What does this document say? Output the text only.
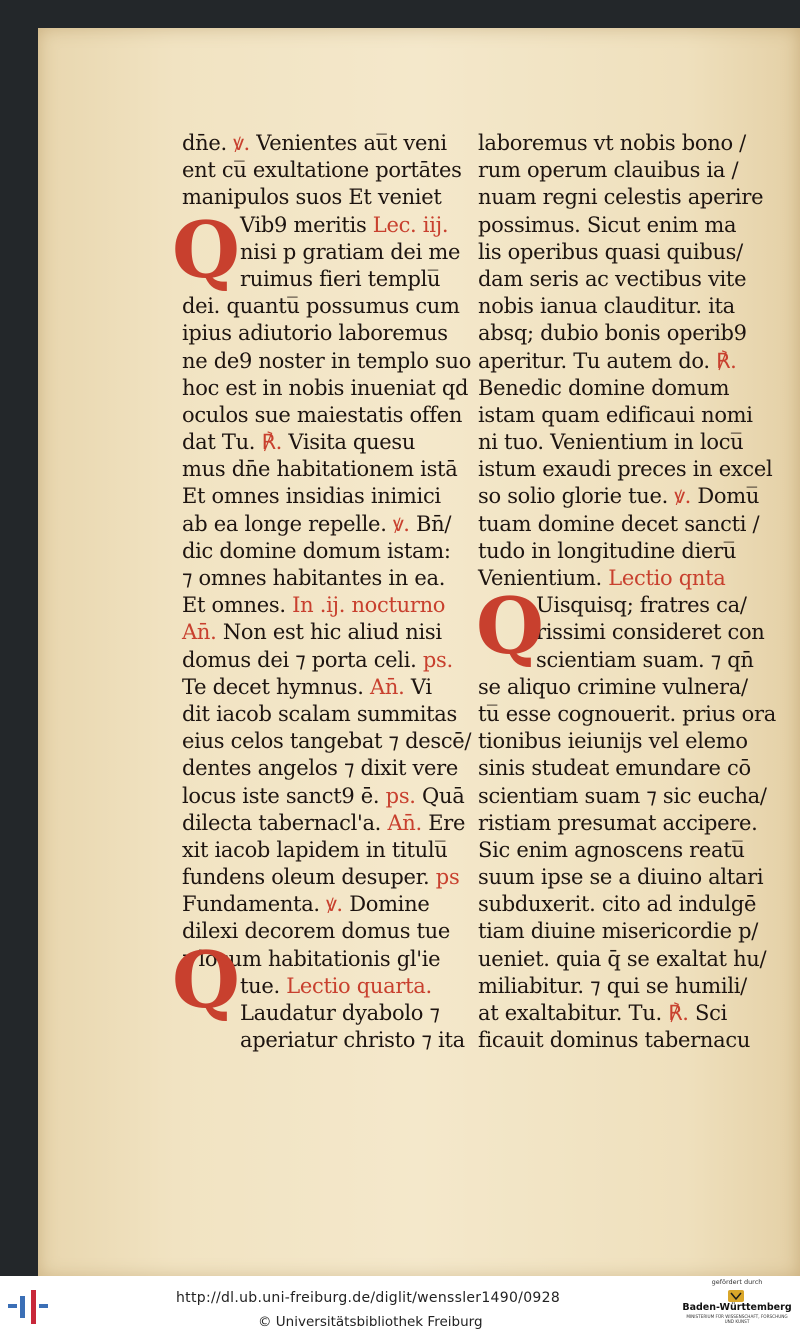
dn̄e. ꝟ. Venientes au̅t veni
ent cu̅ exultatione portātes
manipulos suos Et veniet
Vib9 meritis Lec. iij.
nisi p gratiam dei me
ruimus fieri templu̅
dei. quantu̅ possumus cum
ipius adiutorio laboremus
ne de9 noster in templo suo
hoc est in nobis inueniat qd
oculos sue maiestatis offen
dat Tu. ℟. Visita quesu
mus dn̄e habitationem istā
Et omnes insidias inimici
ab ea longe repelle. ꝟ. Bn̄/
dic domine domum istam:
⁊ omnes habitantes in ea.
Et omnes. In .ij. nocturno
An̄. Non est hic aliud nisi
domus dei ⁊ porta celi. ps.
Te decet hymnus. An̄. Vi
dit iacob scalam summitas
eius celos tangebat ⁊ descē/
dentes angelos ⁊ dixit vere
locus iste sanct9 ē. ps. Quā
dilecta tabernacl'a. An̄. Ere
xit iacob lapidem in titulu̅
fundens oleum desuper. ps
Fundamenta. ꝟ. Domine
dilexi decorem domus tue
⁊ locum habitationis gl'ie
tue. Lectio quarta.
Laudatur dyabolo ⁊
aperiatur christo ⁊ ita
laboremus vt nobis bono /
rum operum clauibus ia /
nuam regni celestis aperire
possimus. Sicut enim ma
lis operibus quasi quibus/
dam seris ac vectibus vite
nobis ianua clauditur. ita
absq; dubio bonis operib9
aperitur. Tu autem do. ℟.
Benedic domine domum
istam quam edificaui nomi
ni tuo. Venientium in locu̅
istum exaudi preces in excel
so solio glorie tue. ꝟ. Domu̅
tuam domine decet sancti /
tudo in longitudine dieru̅
Venientium. Lectio qnta
Uisquisq; fratres ca/
rissimi consideret con
scientiam suam. ⁊ qn̄
se aliquo crimine vulnera/
tu̅ esse cognouerit. prius ora
tionibus ieiunijs vel elemo
sinis studeat emundare cō
scientiam suam ⁊ sic eucha/
ristiam presumat accipere.
Sic enim agnoscens reatu̅
suum ipse se a diuino altari
subduxerit. cito ad indulgē
tiam diuine misericordie p/
ueniet. quia q̄ se exaltat hu/
miliabitur. ⁊ qui se humili/
at exaltabitur. Tu. ℟. Sci
ficauit dominus tabernacu
Q
Q
Q
http://dl.ub.uni-freiburg.de/diglit/wenssler1490/0928
© Universitätsbibliothek Freiburg
gefördert durch
Baden-Württemberg
MINISTERIUM FÜR WISSENSCHAFT, FORSCHUNG UND KUNST
